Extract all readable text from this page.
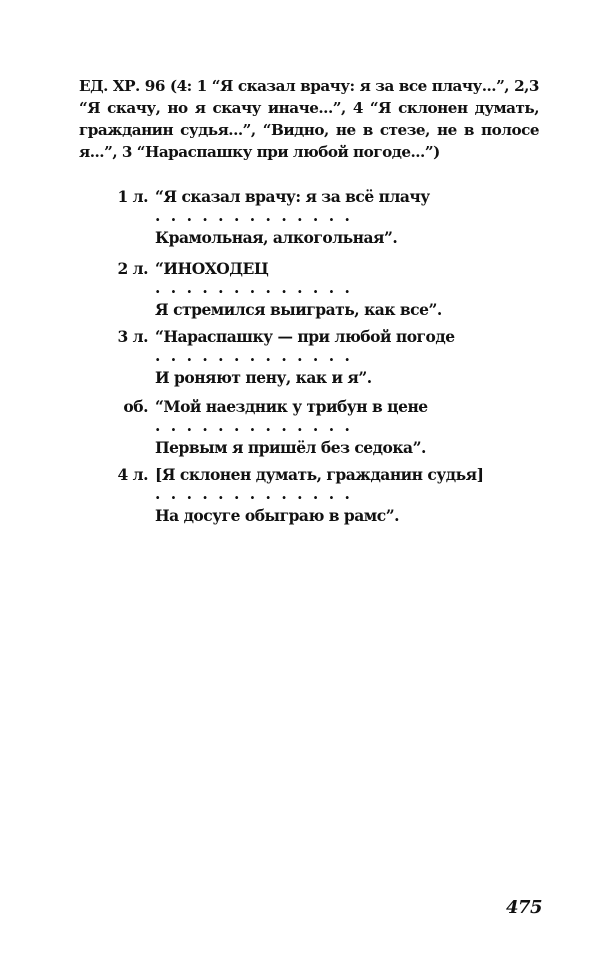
ЕД. ХР. 96 (4: 1 “Я сказал врачу: я за все плачу...”, 2,3 “Я скачу, но я скачу иначе...”, 4 “Я склонен думать, гражданин судья...”, “Видно, не в стезе, не в полосе я...”, 3 “Нараспашку при любой погоде...”)
1 л. “Я сказал врачу: я за всё плачу
. . . . . . . . . . . . .
Крамольная, алкогольная”.
2 л. “ИНОХОДЕЦ
. . . . . . . . . . . . .
Я стремился выиграть, как все”.
3 л. “Нараспашку — при любой погоде
. . . . . . . . . . . . .
И роняют пену, как и я”.
об. “Мой наездник у трибун в цене
. . . . . . . . . . . . .
Первым я пришёл без седока”.
4 л. [Я склонен думать, гражданин судья]
. . . . . . . . . . . . .
На досуге обыграю в рамс”.
475
